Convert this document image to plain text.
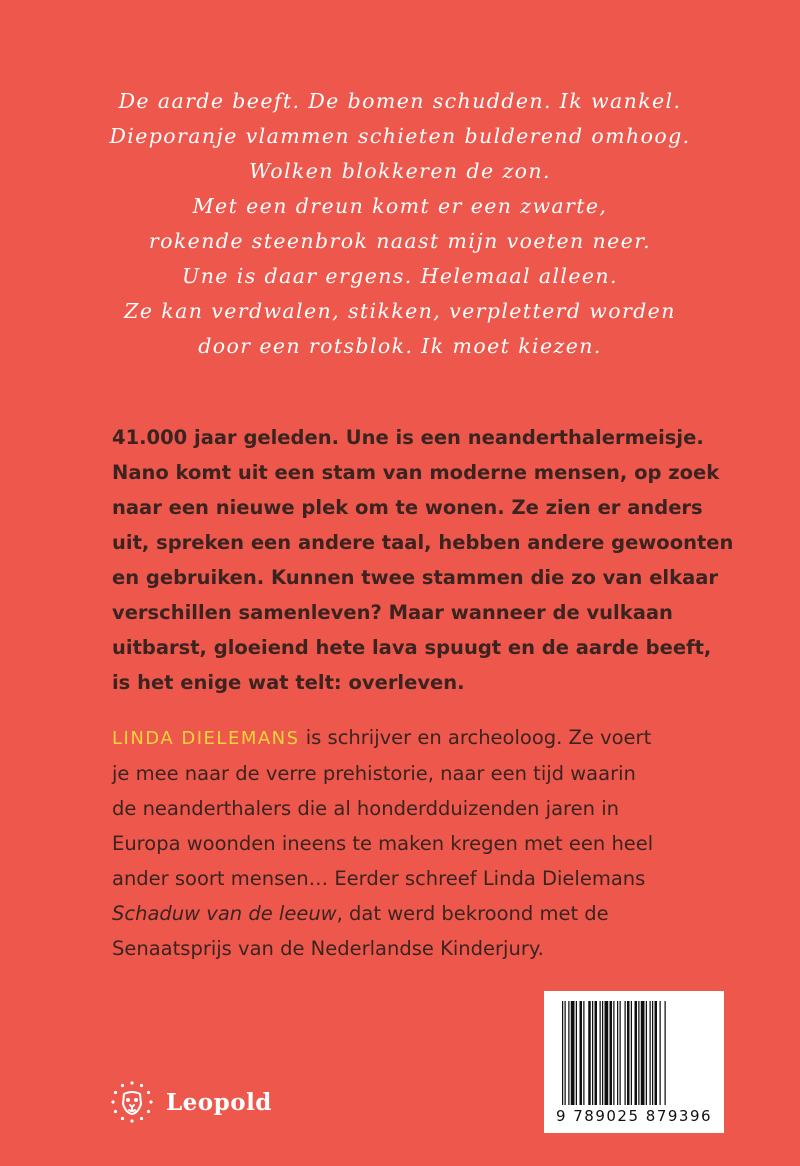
De aarde beeft. De bomen schudden. Ik wankel.
Dieporanje vlammen schieten bulderend omhoog.
Wolken blokkeren de zon.
Met een dreun komt er een zwarte,
rokende steenbrok naast mijn voeten neer.
Une is daar ergens. Helemaal alleen.
Ze kan verdwalen, stikken, verpletterd worden
door een rotsblok. Ik moet kiezen.
41.000 jaar geleden. Une is een neanderthalermeisje.
Nano komt uit een stam van moderne mensen, op zoek
naar een nieuwe plek om te wonen. Ze zien er anders
uit, spreken een andere taal, hebben andere gewoonten
en gebruiken. Kunnen twee stammen die zo van elkaar
verschillen samenleven? Maar wanneer de vulkaan
uitbarst, gloeiend hete lava spuugt en de aarde beeft,
is het enige wat telt: overleven.
LINDA DIELEMANS is schrijver en archeoloog. Ze voert
je mee naar de verre prehistorie, naar een tijd waarin
de neanderthalers die al honderdduizenden jaren in
Europa woonden ineens te maken kregen met een heel
ander soort mensen… Eerder schreef Linda Dielemans
Schaduw van de leeuw, dat werd bekroond met de
Senaatsprijs van de Nederlandse Kinderjury.
Leopold
9 789025 879396
